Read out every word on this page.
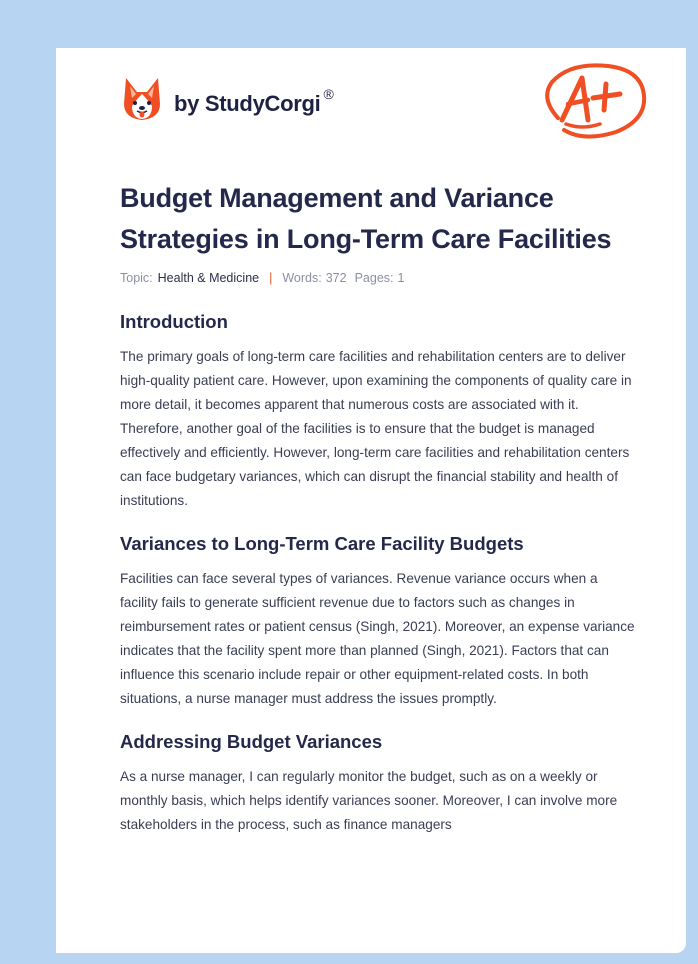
by StudyCorgi ®
Budget Management and Variance Strategies in Long-Term Care Facilities
Topic: Health & Medicine | Words: 372 Pages: 1
Introduction

The primary goals of long-term care facilities and rehabilitation centers are to deliver high-quality patient care. However, upon examining the components of quality care in more detail, it becomes apparent that numerous costs are associated with it. Therefore, another goal of the facilities is to ensure that the budget is managed effectively and efficiently. However, long-term care facilities and rehabilitation centers can face budgetary variances, which can disrupt the financial stability and health of institutions.

Variances to Long-Term Care Facility Budgets

Facilities can face several types of variances. Revenue variance occurs when a facility fails to generate sufficient revenue due to factors such as changes in reimbursement rates or patient census (Singh, 2021). Moreover, an expense variance indicates that the facility spent more than planned (Singh, 2021). Factors that can influence this scenario include repair or other equipment-related costs. In both situations, a nurse manager must address the issues promptly.

Addressing Budget Variances

As a nurse manager, I can regularly monitor the budget, such as on a weekly or monthly basis, which helps identify variances sooner. Moreover, I can involve more stakeholders in the process, such as finance managers
